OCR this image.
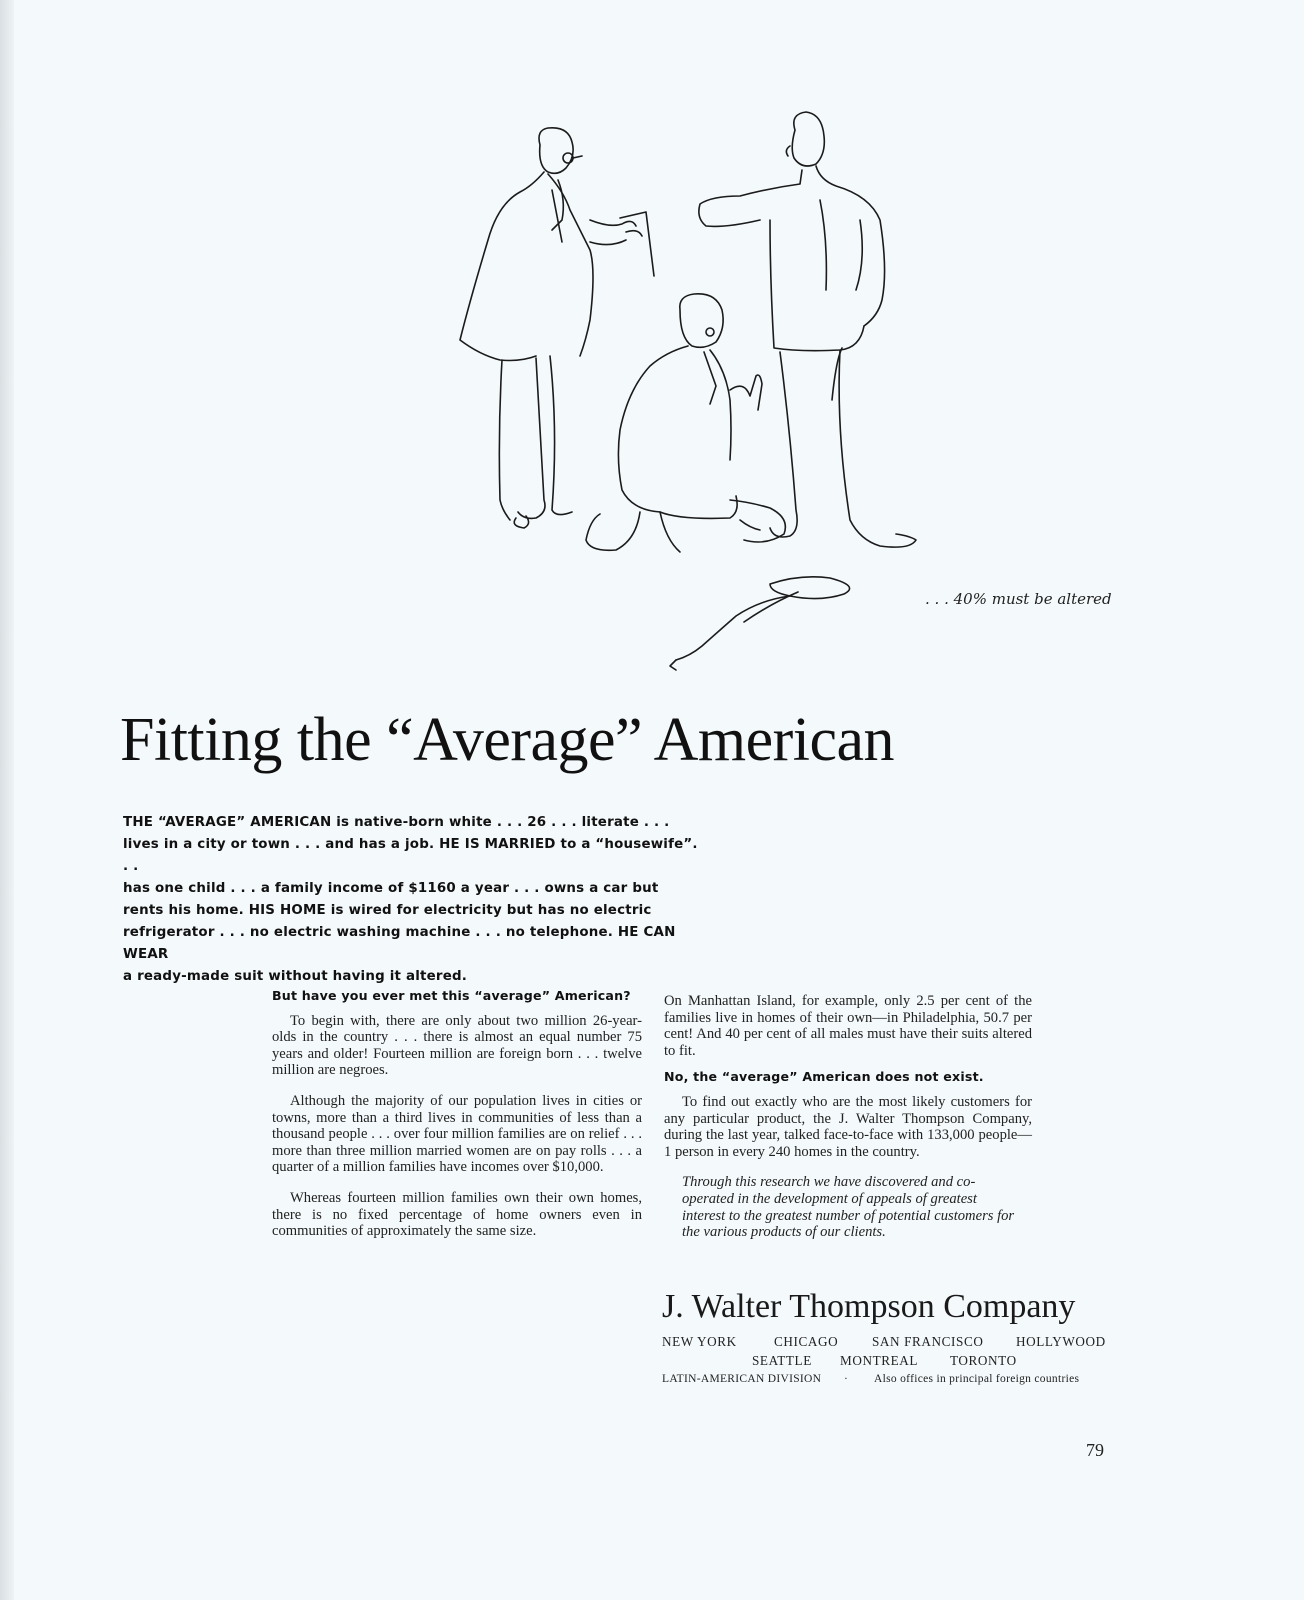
. . . 40% must be altered
Fitting the “Average” American
THE “AVERAGE” AMERICAN is native-born white . . . 26 . . . literate . . .
lives in a city or town . . . and has a job. HE IS MARRIED to a “housewife”. . .
has one child . . . a family income of $1160 a year . . . owns a car but
rents his home. HIS HOME is wired for electricity but has no electric
refrigerator . . . no electric washing machine . . . no telephone. HE CAN WEAR
a ready-made suit without having it altered.
But have you ever met this “average” American?

To begin with, there are only about two million 26-year-olds in the country . . . there is almost an equal number 75 years and older! Fourteen million are foreign born . . . twelve million are negroes.

Although the majority of our population lives in cities or towns, more than a third lives in communities of less than a thousand people . . . over four million families are on relief . . . more than three million married women are on pay rolls . . . a quarter of a million families have incomes over $10,000.

Whereas fourteen million families own their own homes, there is no fixed percentage of home owners even in communities of approximately the same size.

On Manhattan Island, for example, only 2.5 per cent of the families live in homes of their own—in Philadelphia, 50.7 per cent! And 40 per cent of all males must have their suits altered to fit.

No, the “average” American does not exist.

To find out exactly who are the most likely customers for any particular product, the J. Walter Thompson Company, during the last year, talked face-to-face with 133,000 people—1 person in every 240 homes in the country.

Through this research we have discovered and co-operated in the development of appeals of greatest interest to the greatest number of potential customers for the various products of our clients.
J. Walter Thompson Company
NEW YORK	CHICAGO	SAN FRANCISCO HOLLYWOOD
SEATTLE MONTREAL TORONTO
LATIN-AMERICAN DIVISION · Also offices in principal foreign countries
79
